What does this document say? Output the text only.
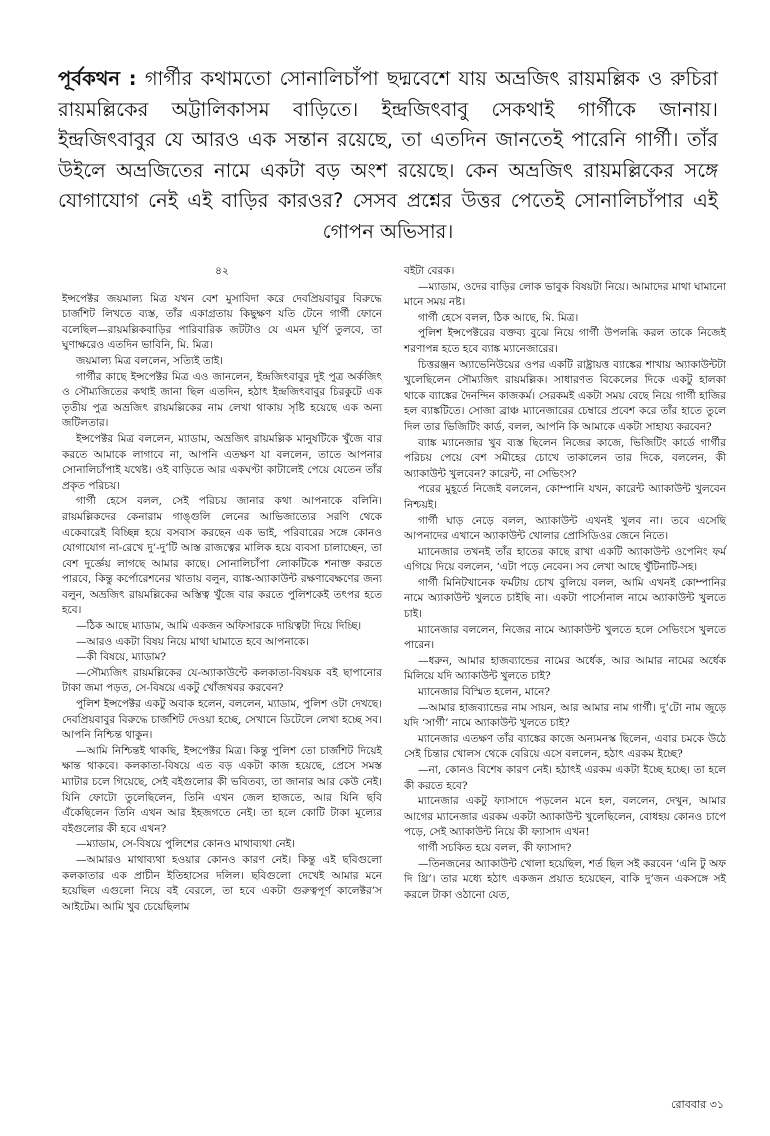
পূর্বকথন : গার্গীর কথামতো সোনালিচাঁপা ছদ্মবেশে যায় অভ্রজিৎ রায়মল্লিক ও রুচিরা রায়মল্লিকের অট্টালিকাসম বাড়িতে। ইন্দ্রজিৎবাবু সেকথাই গার্গীকে জানায়। ইন্দ্রজিৎবাবুর যে আরও এক সন্তান রয়েছে, তা এতদিন জানতেই পারেনি গার্গী। তাঁর উইলে অভ্রজিতের নামে একটা বড় অংশ রয়েছে। কেন অভ্রজিৎ রায়মল্লিকের সঙ্গে যোগাযোগ নেই এই বাড়ির কারওর? সেসব প্রশ্নের উত্তর পেতেই সোনালিচাঁপার এই গোপন অভিসার।

৪২

ইন্সপেক্টর জয়মাল্য মিত্র যখন বেশ মুসাবিদা করে দেবপ্রিয়বাবুর বিরুদ্ধে চার্জশিট লিখতে ব্যস্ত, তাঁর একাগ্রতায় কিছুক্ষণ যতি টেনে গার্গী ফোনে বলেছিল—রায়মল্লিকবাড়ির পারিবারিক জটটাও যে এমন ঘূর্ণি তুলবে, তা ঘুণাক্ষরেও এতদিন ভাবিনি, মি. মিত্র।

জয়মাল্য মিত্র বললেন, সত্যিই তাই।

গার্গীর কাছে ইন্সপেক্টর মিত্র এও জানলেন, ইন্দ্রজিৎবাবুর দুই পুত্র অর্কজিৎ ও সৌম্যজিতের কথাই জানা ছিল এতদিন, হঠাৎ ইন্দ্রজিৎবাবুর চিরকুটে এক তৃতীয় পুত্র অভ্রজিৎ রায়মল্লিকের নাম লেখা থাকায় সৃষ্টি হয়েছে এক অন্য জটিলতার।

ইন্সপেক্টর মিত্র বললেন, ম্যাডাম, অভ্রজিৎ রায়মল্লিক মানুষটিকে খুঁজে বার করতে আমাকে লাগাবে না, আপনি এতক্ষণ যা বললেন, তাতে আপনার সোনালিচাঁপাই যথেষ্ট। ওই বাড়িতে আর একঘণ্টা কাটালেই পেয়ে যেতেন তাঁর প্রকৃত পরিচয়।

গার্গী হেসে বলল, সেই পরিচয় জানার কথা আপনাকে বলিনি। রায়মল্লিকদের কেনারাম গাঙ্গুলি লেনের আভিজাত্যের সরণি থেকে একেবারেই বিচ্ছিন্ন হয়ে বসবাস করছেন এক ভাই, পরিবারের সঙ্গে কোনও যোগাযোগ না-রেখে দু’-দু’টি আস্ত রাজত্বের মালিক হয়ে ব্যবসা চালাচ্ছেন, তা বেশ দুর্জ্ঞেয় লাগছে আমার কাছে। সোনালিচাঁপা লোকটিকে শনাক্ত করতে পারবে, কিন্তু কর্পোরেশনের খাতায় বলুন, ব্যাঙ্ক-অ্যাকাউন্ট রক্ষণাবেক্ষণের জন্য বলুন, অভ্রজিৎ রায়মল্লিকের অস্তিত্ব খুঁজে বার করতে পুলিশকেই তৎপর হতে হবে।

—ঠিক আছে ম্যাডাম, আমি একজন অফিসারকে দায়িত্বটা দিয়ে দিচ্ছি।

—আরও একটা বিষয় নিয়ে মাথা ঘামাতে হবে আপনাকে।

—কী বিষয়ে, ম্যাডাম?

—সৌম্যজিৎ রায়মল্লিকের যে-অ্যাকাউন্টে কলকাতা-বিষয়ক বই ছাপানোর টাকা জমা পড়ত, সে-বিষয়ে একটু খোঁজখবর করবেন?

পুলিশ ইন্সপেক্টর একটু অবাক হলেন, বললেন, ম্যাডাম, পুলিশ ওটা দেখছে। দেবপ্রিয়বাবুর বিরুদ্ধে চার্জশিট দেওয়া হচ্ছে, সেখানে ডিটেলে লেখা হচ্ছে সব। আপনি নিশ্চিন্ত থাকুন।

—আমি নিশ্চিন্তই থাকছি, ইন্সপেক্টর মিত্র। কিন্তু পুলিশ তো চার্জশিট দিয়েই ক্ষান্ত থাকবে। কলকাতা-বিষয়ে এত বড় একটা কাজ হয়েছে, প্রেসে সমস্ত ম্যাটার চলে গিয়েছে, সেই বইগুলোর কী ভবিতব্য, তা জানার আর কেউ নেই। যিনি ফোটো তুলেছিলেন, তিনি এখন জেল হাজতে, আর যিনি ছবি এঁকেছিলেন তিনি এখন আর ইহজগতে নেই। তা হলে কোটি টাকা মূল্যের বইগুলোর কী হবে এখন?

—ম্যাডাম, সে-বিষয়ে পুলিশের কোনও মাথাব্যথা নেই।

—আমারও মাথাব্যথা হওয়ার কোনও কারণ নেই। কিন্তু এই ছবিগুলো কলকাতার এক প্রাচীন ইতিহাসের দলিল। ছবিগুলো দেখেই আমার মনে হয়েছিল এগুলো নিয়ে বই বেরলে, তা হবে একটা গুরুত্বপূর্ণ কালেক্টর’স আইটেম। আমি খুব চেয়েছিলাম

বইটা বেরক।

—ম্যাডাম, ওদের বাড়ির লোক ভাবুক বিষয়টা নিয়ে। আমাদের মাথা ঘামানো মানে সময় নষ্ট।

গার্গী হেসে বলল, ঠিক আছে, মি. মিত্র।

পুলিশ ইন্সপেক্টরের বক্তব্য বুঝে নিয়ে গার্গী উপলব্ধি করল তাকে নিজেই শরণাপন্ন হতে হবে ব্যাঙ্ক ম্যানেজারের।

চিত্তরঞ্জন অ্যাভেনিউয়ের ওপর একটি রাষ্ট্রায়ত্ত ব্যাঙ্কের শাখায় অ্যাকাউন্টটা খুলেছিলেন সৌম্যজিৎ রায়মল্লিক। সাধারণত বিকেলের দিকে একটু হালকা থাকে ব্যাঙ্কের দৈনন্দিন কাজকর্ম। সেরকমই একটা সময় বেছে নিয়ে গার্গী হাজির হল ব্যাঙ্কটিতে। সোজা ব্রাঞ্চ ম্যানেজারের চেম্বারে প্রবেশ করে তাঁর হাতে তুলে দিল তার ভিজিটিং কার্ড, বলল, আপনি কি আমাকে একটা সাহায্য করবেন?

ব্যাঙ্ক ম্যানেজার খুব ব্যস্ত ছিলেন নিজের কাজে, ভিজিটিং কার্ডে গার্গীর পরিচয় পেয়ে বেশ সমীহের চোখে তাকালেন তার দিকে, বললেন, কী অ্যাকাউন্ট খুলবেন? কারেন্ট, না সেভিংস?

পরের মুহূর্তে নিজেই বললেন, কোম্পানি যখন, কারেন্ট অ্যাকাউন্ট খুলবেন নিশ্চয়ই।

গার্গী ঘাড় নেড়ে বলল, অ্যাকাউন্ট এখনই খুলব না। তবে এসেছি আপনাদের এখানে অ্যাকাউন্ট খোলার প্রোসিডিওর জেনে নিতে।

ম্যানেজার তখনই তাঁর হাতের কাছে রাখা একটি অ্যাকাউন্ট ওপেনিং ফর্ম এগিয়ে দিয়ে বললেন, ‘এটা পড়ে নেবেন। সব লেখা আছে খুঁটিনাটি-সহ।

গার্গী মিনিটখানেক ফর্মটায় চোখ বুলিয়ে বলল, আমি এখনই কোম্পানির নামে অ্যাকাউন্ট খুলতে চাইছি না। একটা পার্সোনাল নামে অ্যাকাউন্ট খুলতে চাই।

ম্যানেজার বললেন, নিজের নামে অ্যাকাউন্ট খুলতে হলে সেভিংসে খুলতে পারেন।

—ধরুন, আমার হাজব্যান্ডের নামের অর্ধেক, আর আমার নামের অর্ধেক মিলিয়ে যদি অ্যাকাউন্ট খুলতে চাই?

ম্যানেজার বিস্মিত হলেন, মানে?

—আমার হাজব্যান্ডের নাম সায়ন, আর আমার নাম গার্গী। দু’টো নাম জুড়ে যদি ‘সার্গী’ নামে অ্যাকাউন্ট খুলতে চাই?

ম্যানেজার এতক্ষণ তাঁর ব্যাঙ্কের কাজে অন্যমনস্ক ছিলেন, এবার চমকে উঠে সেই চিন্তার খোলস থেকে বেরিয়ে এসে বললেন, হঠাৎ এরকম ইচ্ছে?

—না, কোনও বিশেষ কারণ নেই। হঠাৎই এরকম একটা ইচ্ছে হচ্ছে। তা হলে কী করতে হবে?

ম্যানেজার একটু ফ্যাসাদে পড়লেন মনে হল, বললেন, দেখুন, আমার আগের ম্যানেজার এরকম একটা অ্যাকাউন্ট খুলেছিলেন, বোধহয় কোনও চাপে পড়ে, সেই অ্যাকাউন্ট নিয়ে কী ফ্যাসাদ এখন!

গার্গী সচকিত হয়ে বলল, কী ফ্যাসাদ?

—তিনজনের অ্যাকাউন্ট খোলা হয়েছিল, শর্ত ছিল সই করবেন ‘এনি টু অফ দি থ্রি’। তার মধ্যে হঠাৎ একজন প্রয়াত হয়েছেন, বাকি দু’জন একসঙ্গে সই করলে টাকা ওঠানো যেত,

রোববার ৩১
